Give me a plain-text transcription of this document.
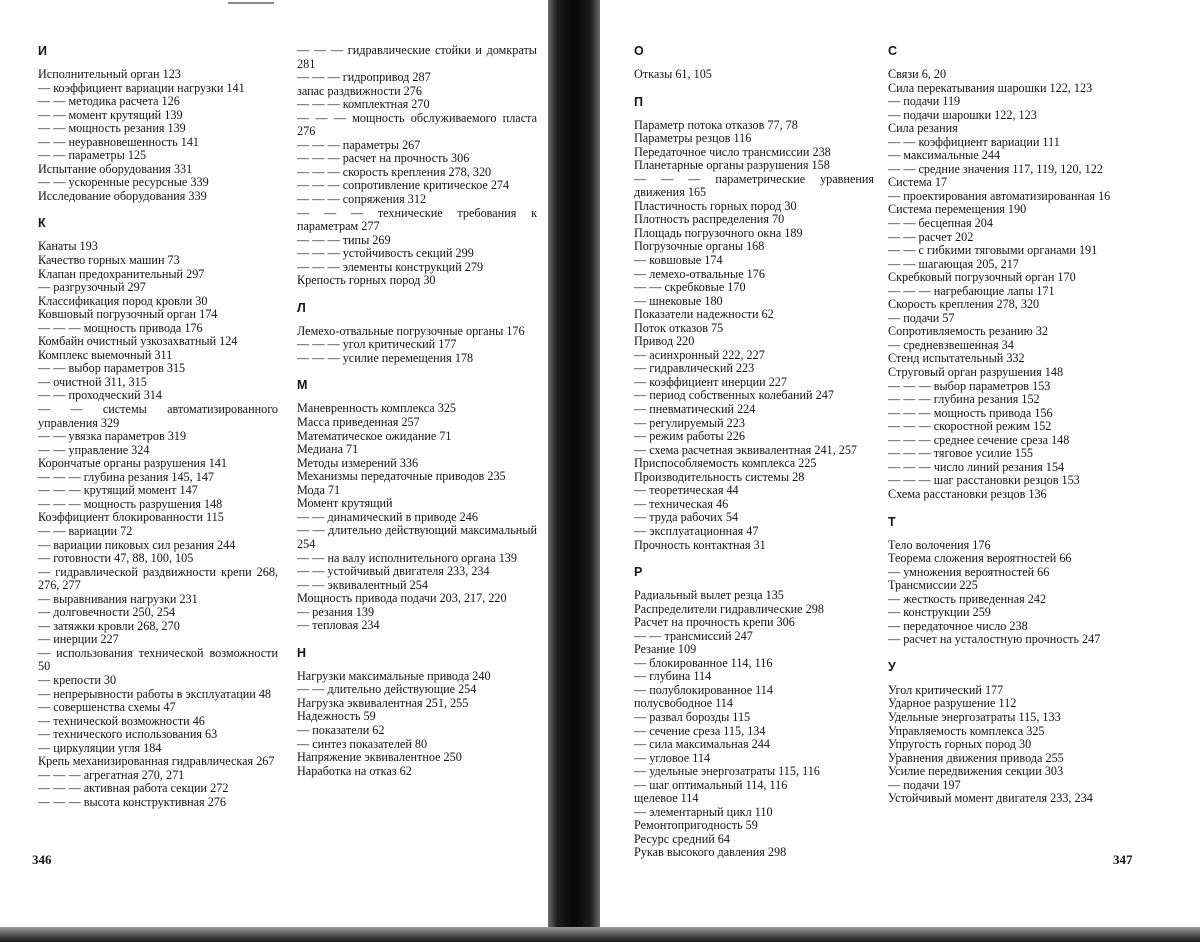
И
Исполнительный орган 123
— коэффициент вариации нагрузки 141
— — методика расчета 126
— — момент крутящий 139
— — мощность резания 139
— — неуравновешенность 141
— — параметры 125
Испытание оборудования 331
— — ускоренные ресурсные 339
Исследование оборудования 339
К
Канаты 193
Качество горных машин 73
Клапан предохранительный 297
— разгрузочный 297
Классификация пород кровли 30
Ковшовый погрузочный орган 174
— — — мощность привода 176
Комбайн очистный узкозахватный 124
Комплекс выемочный 311
— — выбор параметров 315
— очистной 311, 315
— — проходческий 314
— — системы автоматизированного управления 329
— — увязка параметров 319
— — управление 324
Корончатые органы разрушения 141
— — — глубина резания 145, 147
— — — крутящий момент 147
— — — мощность разрушения 148
Коэффициент блокированности 115
— — вариации 72
— вариации пиковых сил резания 244
— готовности 47, 88, 100, 105
— гидравлической раздвижности крепи 268, 276, 277
— выравнивания нагрузки 231
— долговечности 250, 254
— затяжки кровли 268, 270
— инерции 227
— использования технической возможности 50
— крепости 30
— непрерывности работы в эксплуатации 48
— совершенства схемы 47
— технической возможности 46
— технического использования 63
— циркуляции угля 184
Крепь механизированная гидравлическая 267
— — — агрегатная 270, 271
— — — активная работа секции 272
— — — высота конструктивная 276
— — — гидравлические стойки и домкраты 281
— — — гидропривод 287
запас раздвижности 276
— — — комплектная 270
— — — мощность обслуживаемого пласта 276
— — — параметры 267
— — — расчет на прочность 306
— — — скорость крепления 278, 320
— — — сопротивление критическое 274
— — — сопряжения 312
— — — технические требования к параметрам 277
— — — типы 269
— — — устойчивость секций 299
— — — элементы конструкций 279
Крепость горных пород 30
Л
Лемехо-отвальные погрузочные органы 176
— — — угол критический 177
— — — усилие перемещения 178
М
Маневренность комплекса 325
Масса приведенная 257
Математическое ожидание 71
Медиана 71
Методы измерений 336
Механизмы передаточные приводов 235
Мода 71
Момент крутящий
— — динамический в приводе 246
— — длительно действующий максимальный 254
— — на валу исполнительного органа 139
— — устойчивый двигателя 233, 234
— — эквивалентный 254
Мощность привода подачи 203, 217, 220
— резания 139
— тепловая 234
Н
Нагрузки максимальные привода 240
— — длительно действующие 254
Нагрузка эквивалентная 251, 255
Надежность 59
— показатели 62
— синтез показателей 80
Напряжение эквивалентное 250
Наработка на отказ 62
346
О
Отказы 61, 105
П
Параметр потока отказов 77, 78
Параметры резцов 116
Передаточное число трансмиссии 238
Планетарные органы разрушения 158
— — — параметрические уравнения движения 165
Пластичность горных пород 30
Плотность распределения 70
Площадь погрузочного окна 189
Погрузочные органы 168
— ковшовые 174
— лемехо-отвальные 176
— — скребковые 170
— шнековые 180
Показатели надежности 62
Поток отказов 75
Привод 220
— асинхронный 222, 227
— гидравлический 223
— коэффициент инерции 227
— период собственных колебаний 247
— пневматический 224
— регулируемый 223
— режим работы 226
— схема расчетная эквивалентная 241, 257
Приспособляемость комплекса 225
Производительность системы 28
— теоретическая 44
— техническая 46
— труда рабочих 54
— эксплуатационная 47
Прочность контактная 31
Р
Радиальный вылет резца 135
Распределители гидравлические 298
Расчет на прочность крепи 306
— — трансмиссий 247
Резание 109
— блокированное 114, 116
— глубина 114
— полублокированное 114
полусвободное 114
— развал борозды 115
— сечение среза 115, 134
— сила максимальная 244
— угловое 114
— удельные энергозатраты 115, 116
— шаг оптимальный 114, 116
щелевое 114
— элементарный цикл 110
Ремонтопригодность 59
Ресурс средний 64
Рукав высокого давления 298
С
Связи 6, 20
Сила перекатывания шарошки 122, 123
— подачи 119
— подачи шарошки 122, 123
Сила резания
— — коэффициент вариации 111
— максимальные 244
— — средние значения 117, 119, 120, 122
Система 17
— проектирования автоматизированная 16
Система перемещения 190
— — бесцепная 204
— — расчет 202
— — с гибкими тяговыми органами 191
— — шагающая 205, 217
Скребковый погрузочный орган 170
— — — нагребающие лапы 171
Скорость крепления 278, 320
— подачи 57
Сопротивляемость резанию 32
— средневзвешенная 34
Стенд испытательный 332
Струговый орган разрушения 148
— — — выбор параметров 153
— — — глубина резания 152
— — — мощность привода 156
— — — скоростной режим 152
— — — среднее сечение среза 148
— — — тяговое усилие 155
— — — число линий резания 154
— — — шаг расстановки резцов 153
Схема расстановки резцов 136
Т
Тело волочения 176
Теорема сложения вероятностей 66
— умножения вероятностей 66
Трансмиссии 225
— жесткость приведенная 242
— конструкции 259
— передаточное число 238
— расчет на усталостную прочность 247
У
Угол критический 177
Ударное разрушение 112
Удельные энергозатраты 115, 133
Управляемость комплекса 325
Упругость горных пород 30
Уравнения движения привода 255
Усилие передвижения секции 303
— подачи 197
Устойчивый момент двигателя 233, 234
347
